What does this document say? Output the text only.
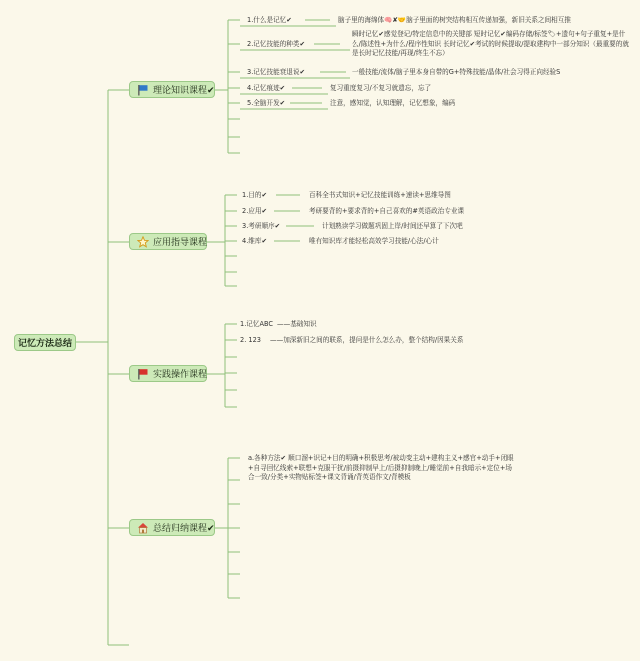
记忆方法总结
理论知识课程✔
应用指导课程
实践操作课程
总结归纳课程✔
1.什么是记忆✔	脑子里的海绵体🧠✘🤝脑子里面的树突结构相互传递加强，新旧关系之间相互推
2.记忆技能的种类✔
瞬时记忆✔感觉登记/特定信息中的关键部 短时记忆✔编码存储/标签🏷+遗句+句子重复+是什么/陈述性+为什么/程序性知识 长时记忆✔考试的时候提取/提取建构中一部分知识（最重要的就是长时记忆技能/再现/终生不忘）
3.记忆技能衰退说✔	一般技能/流体/脑子里本身自带的G+特殊技能/晶体/社会习得正向经验S
4.记忆痕迹✔	复习重度复习/不复习就遗忘，忘了
5.全脑开发✔	注意，感知觉，认知理解，记忆想象，编码
1.目的✔	百科全书式知识+记忆技能训练+速读+思维导图
2.应用✔	考研要背的+要求背的+自己喜欢的#英语政治专业课
3.考研顺序✔	计划熟读学习做题巩固上岸/时间还早算了下次吧
4.维库✔	唯有知识库才能轻松高效学习技能/心法/心计
1.记忆ABC ——基础知识
2. 123 ——加深新旧之间的联系，提问是什么怎么办，整个结构/因果关系
a.各种方法✔ 顺口溜+识记+目的明确+积极思考/被动变主动+建构主义+感官+动手+闭眼+自寻回忆线索+联想+克服干扰/前摄抑制早上/后摄抑制晚上/睡觉前+自我暗示+定位+场合一致/分类+实物贴标签+课文背诵/背英语作文/背模板
